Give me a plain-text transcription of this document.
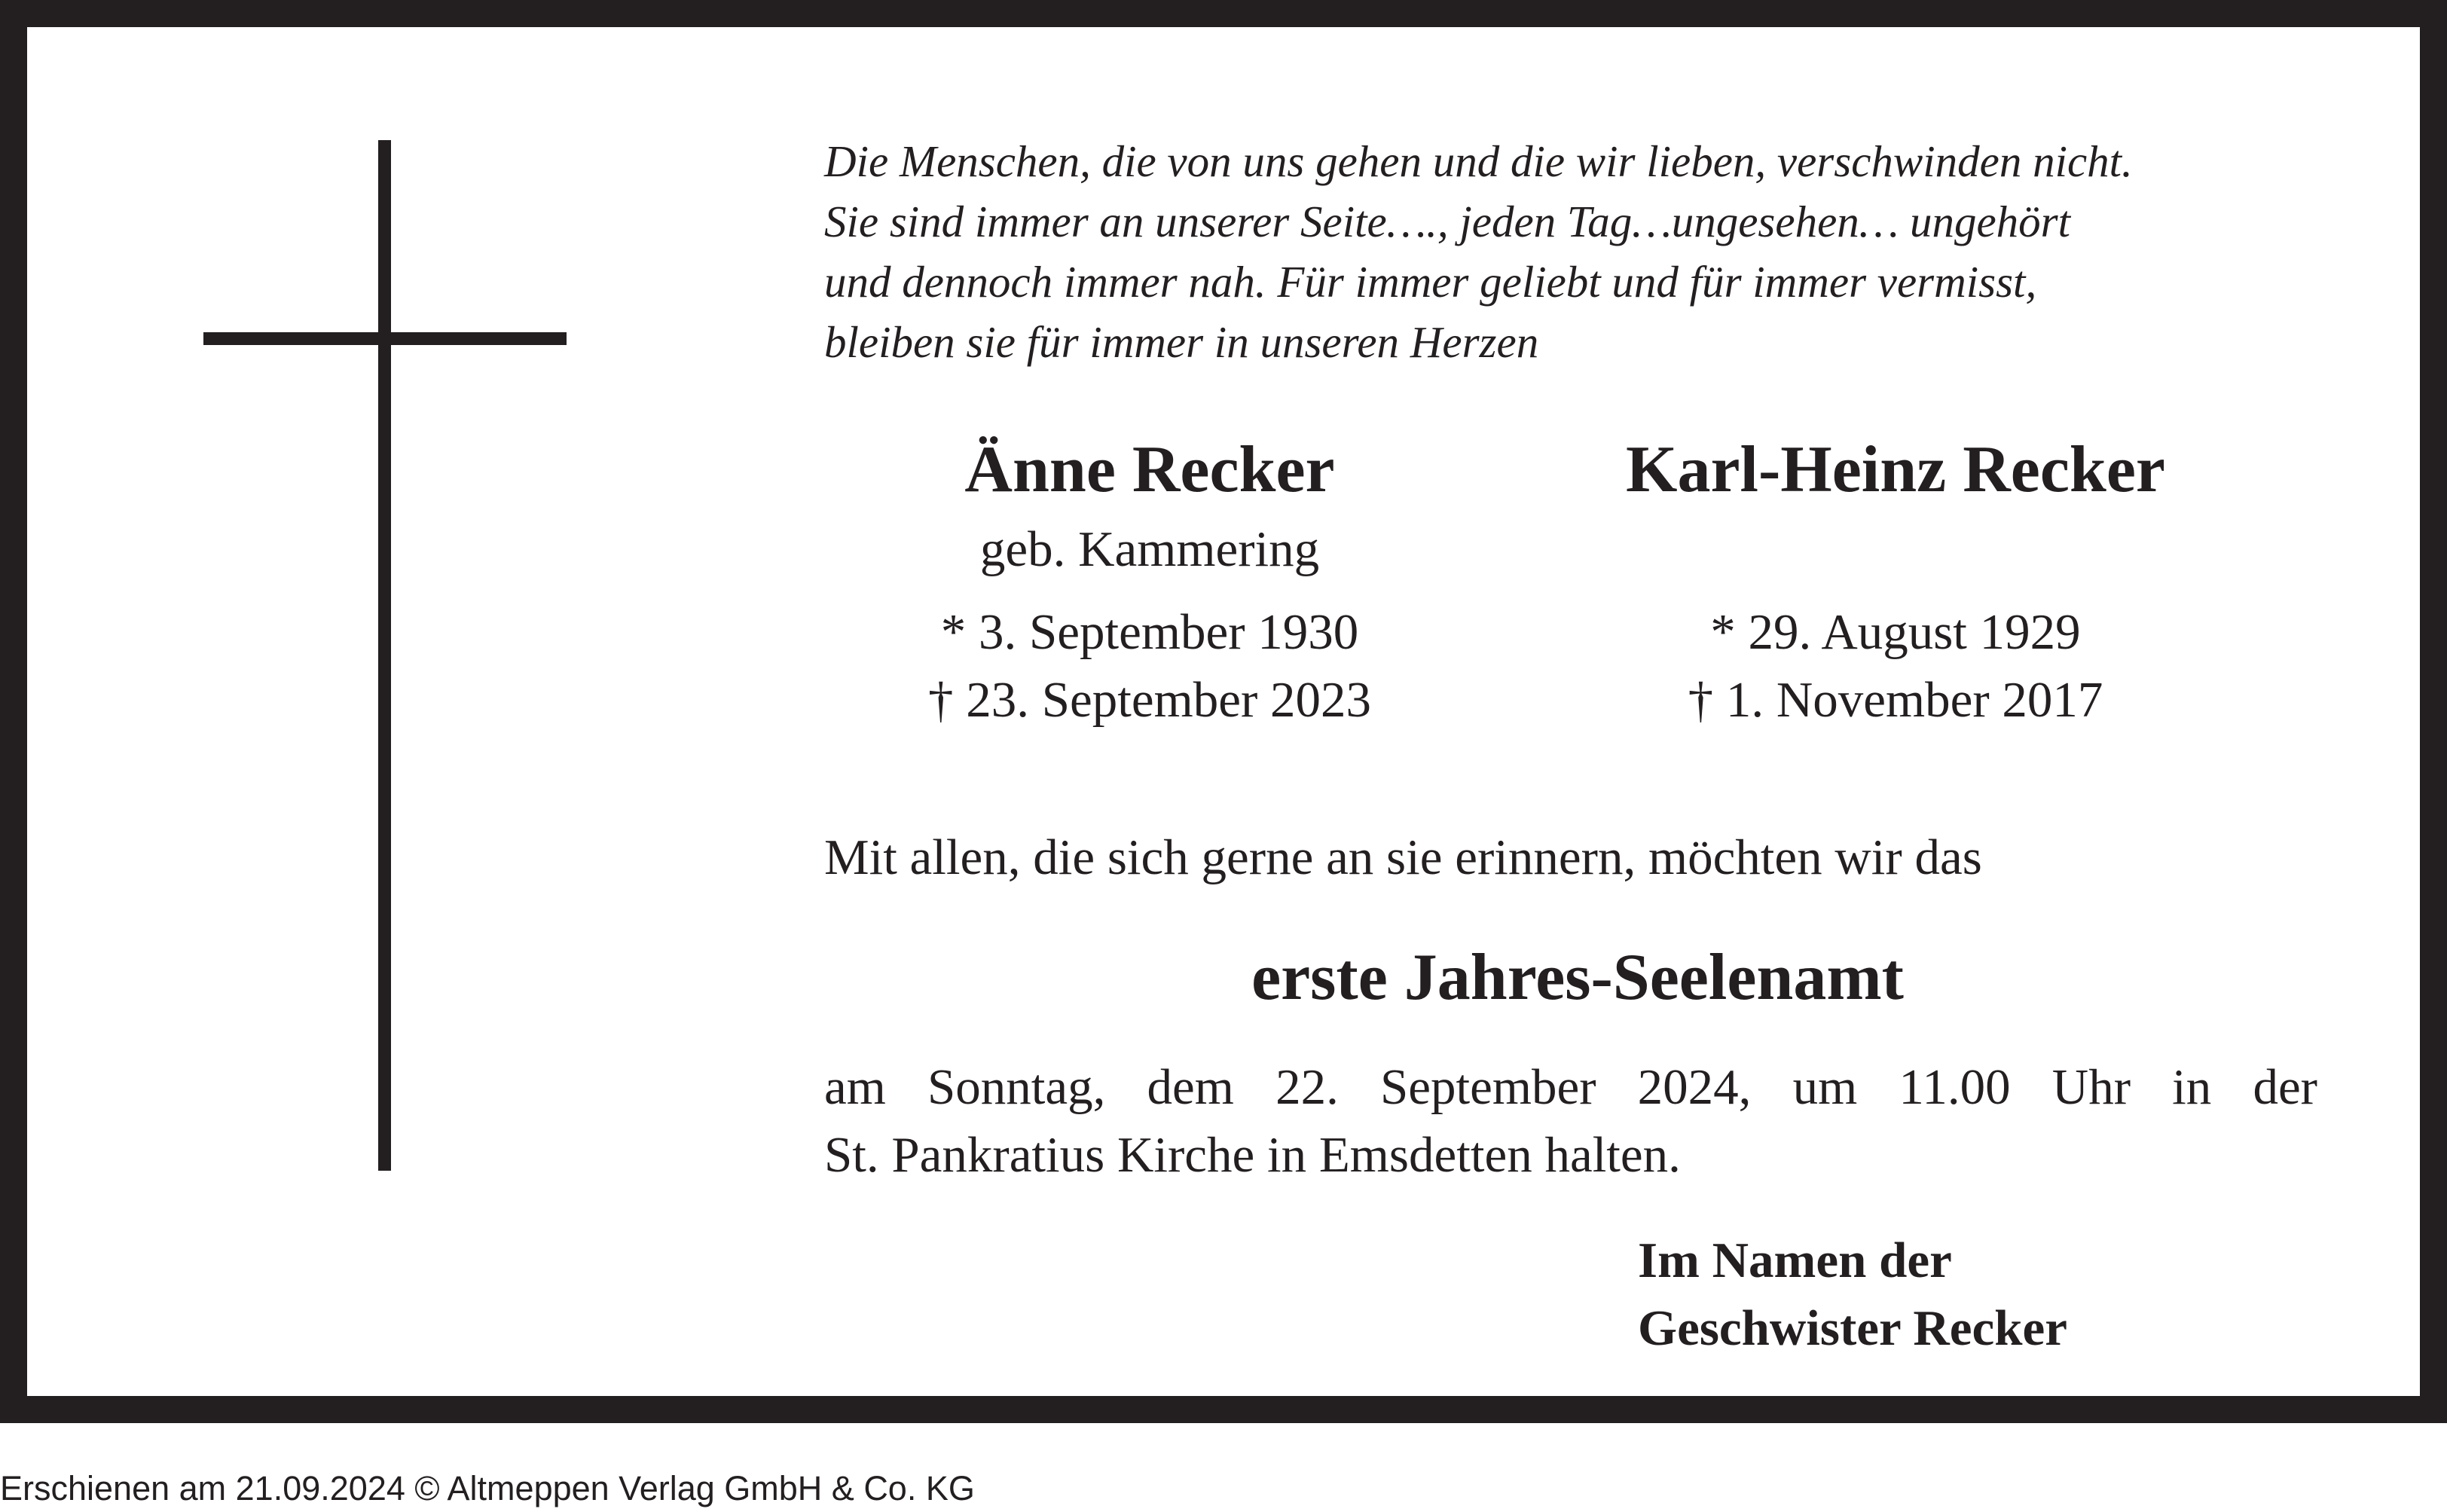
Die Menschen, die von uns gehen und die wir lieben, verschwinden nicht.
Sie sind immer an unserer Seite…., jeden Tag…ungesehen… ungehört
und dennoch immer nah. Für immer geliebt und für immer vermisst,
bleiben sie für immer in unseren Herzen
Änne Recker
geb. Kammering
* 3. September 1930
† 23. September 2023
Karl-Heinz Recker
* 29. August 1929
† 1. November 2017
Mit allen, die sich gerne an sie erinnern, möchten wir das
erste Jahres-Seelenamt
am Sonntag, dem 22. September 2024, um 11.00 Uhr in der
St. Pankratius Kirche in Emsdetten halten.
Im Namen der
Geschwister Recker
Erschienen am 21.09.2024 © Altmeppen Verlag GmbH & Co. KG
